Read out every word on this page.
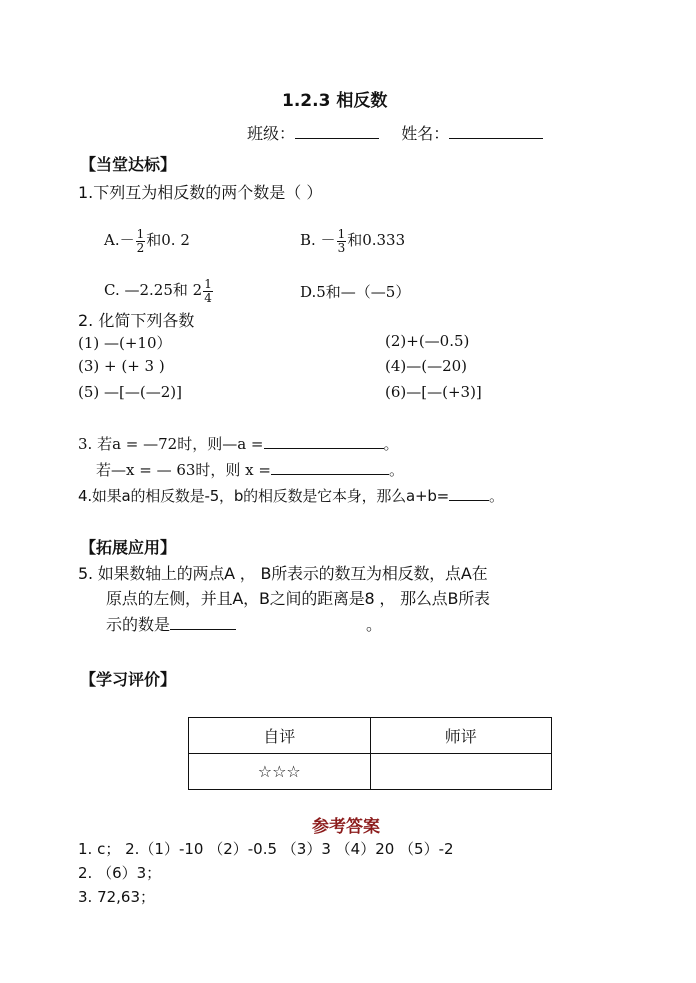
1.2.3 相反数
班级：	姓名：
【当堂达标】
1.下列互为相反数的两个数是（ ）
$A.- \frac{1}{2}$ 和0. 2	B. － $\frac{1}{3}$ 和0.333
C. —2.25和 $2 \frac{1}{4}$	D.5和—（—5）
2. 化简下列各数
(1) —(+10）	(2)+(—0.5)
(3) + (+ 3 )	(4)—(—20)
(5) —[—(—2)]	(6)—[—(+3)]
3. 若a = —72时，则—a =	。
若—x = — 63时，则 x =	。
4.如果a的相反数是-5，b的相反数是它本身，那么a+b=	。
【拓展应用】
5. 如果数轴上的两点A ， B所表示的数互为相反数，点A在
原点的左侧，并且A，B之间的距离是8 ， 那么点B所表
示的数是	。
【学习评价】
自评	师评
☆☆☆	
参考答案
1. c； 2.（1）-10 （2）-0.5 （3）3 （4）20 （5）-2
2. （6）3；
3. 72,63；
